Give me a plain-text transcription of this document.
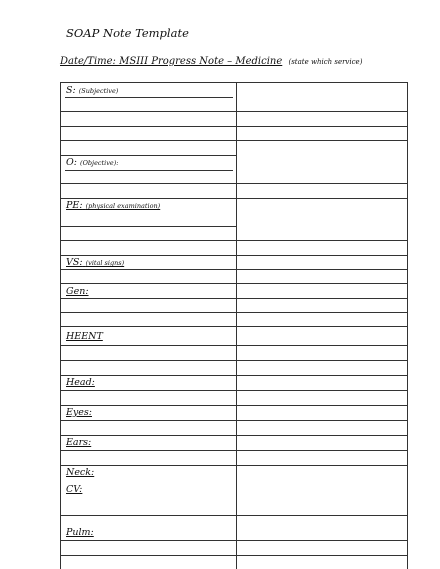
SOAP Note Template
Date/Time: MSIII Progress Note – Medicine (state which service)
S: (Subjective)
O: (Objective):
PE: (physical examination)
VS: (vital signs)
Gen:
HEENT
Head:
Eyes:
Ears:
Neck:
CV:
Pulm:
